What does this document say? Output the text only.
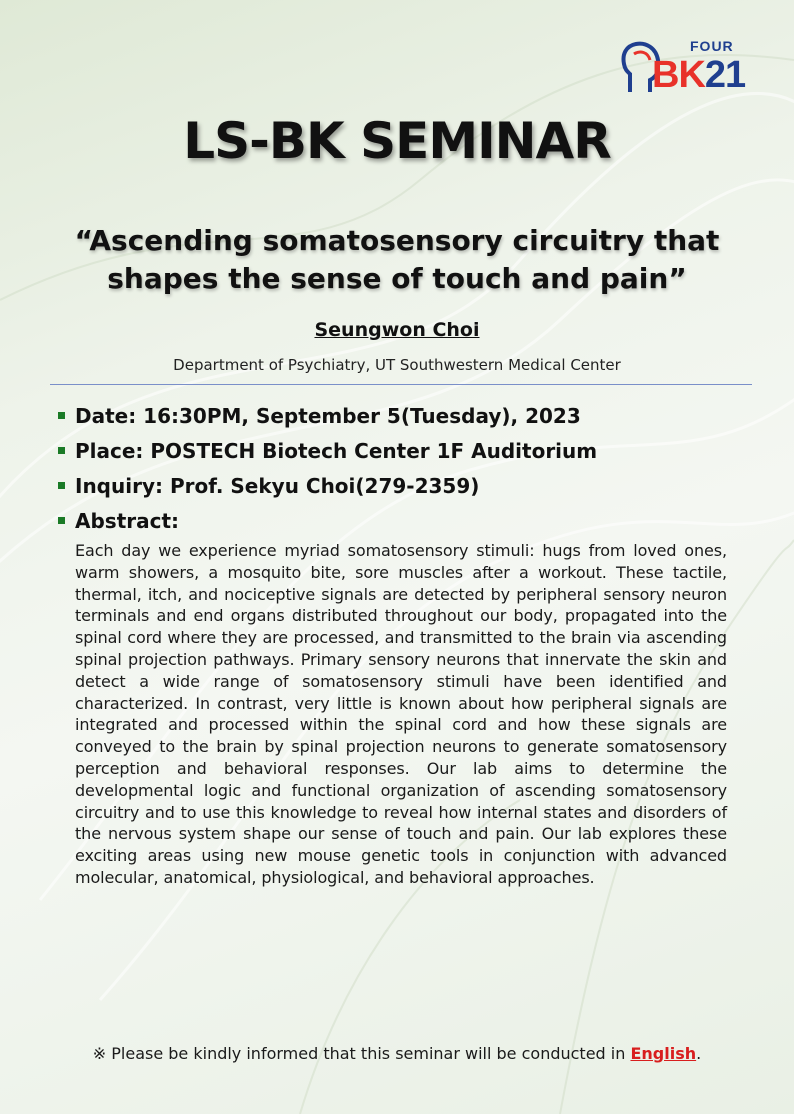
FOUR
BK21
LS-BK SEMINAR
“Ascending somatosensory circuitry that
shapes the sense of touch and pain”
Seungwon Choi
Department of Psychiatry, UT Southwestern Medical Center
Date: 16:30PM, September 5(Tuesday), 2023
Place: POSTECH Biotech Center 1F Auditorium
Inquiry: Prof. Sekyu Choi(279-2359)
Abstract:
Each day we experience myriad somatosensory stimuli: hugs from loved ones, warm showers, a mosquito bite, sore muscles after a workout. These tactile, thermal, itch, and nociceptive signals are detected by peripheral sensory neuron terminals and end organs distributed throughout our body, propagated into the spinal cord where they are processed, and transmitted to the brain via ascending spinal projection pathways. Primary sensory neurons that innervate the skin and detect a wide range of somatosensory stimuli have been identified and characterized. In contrast, very little is known about how peripheral signals are integrated and processed within the spinal cord and how these signals are conveyed to the brain by spinal projection neurons to generate somatosensory perception and behavioral responses. Our lab aims to determine the developmental logic and functional organization of ascending somatosensory circuitry and to use this knowledge to reveal how internal states and disorders of the nervous system shape our sense of touch and pain. Our lab explores these exciting areas using new mouse genetic tools in conjunction with advanced molecular, anatomical, physiological, and behavioral approaches.
※ Please be kindly informed that this seminar will be conducted in English.
